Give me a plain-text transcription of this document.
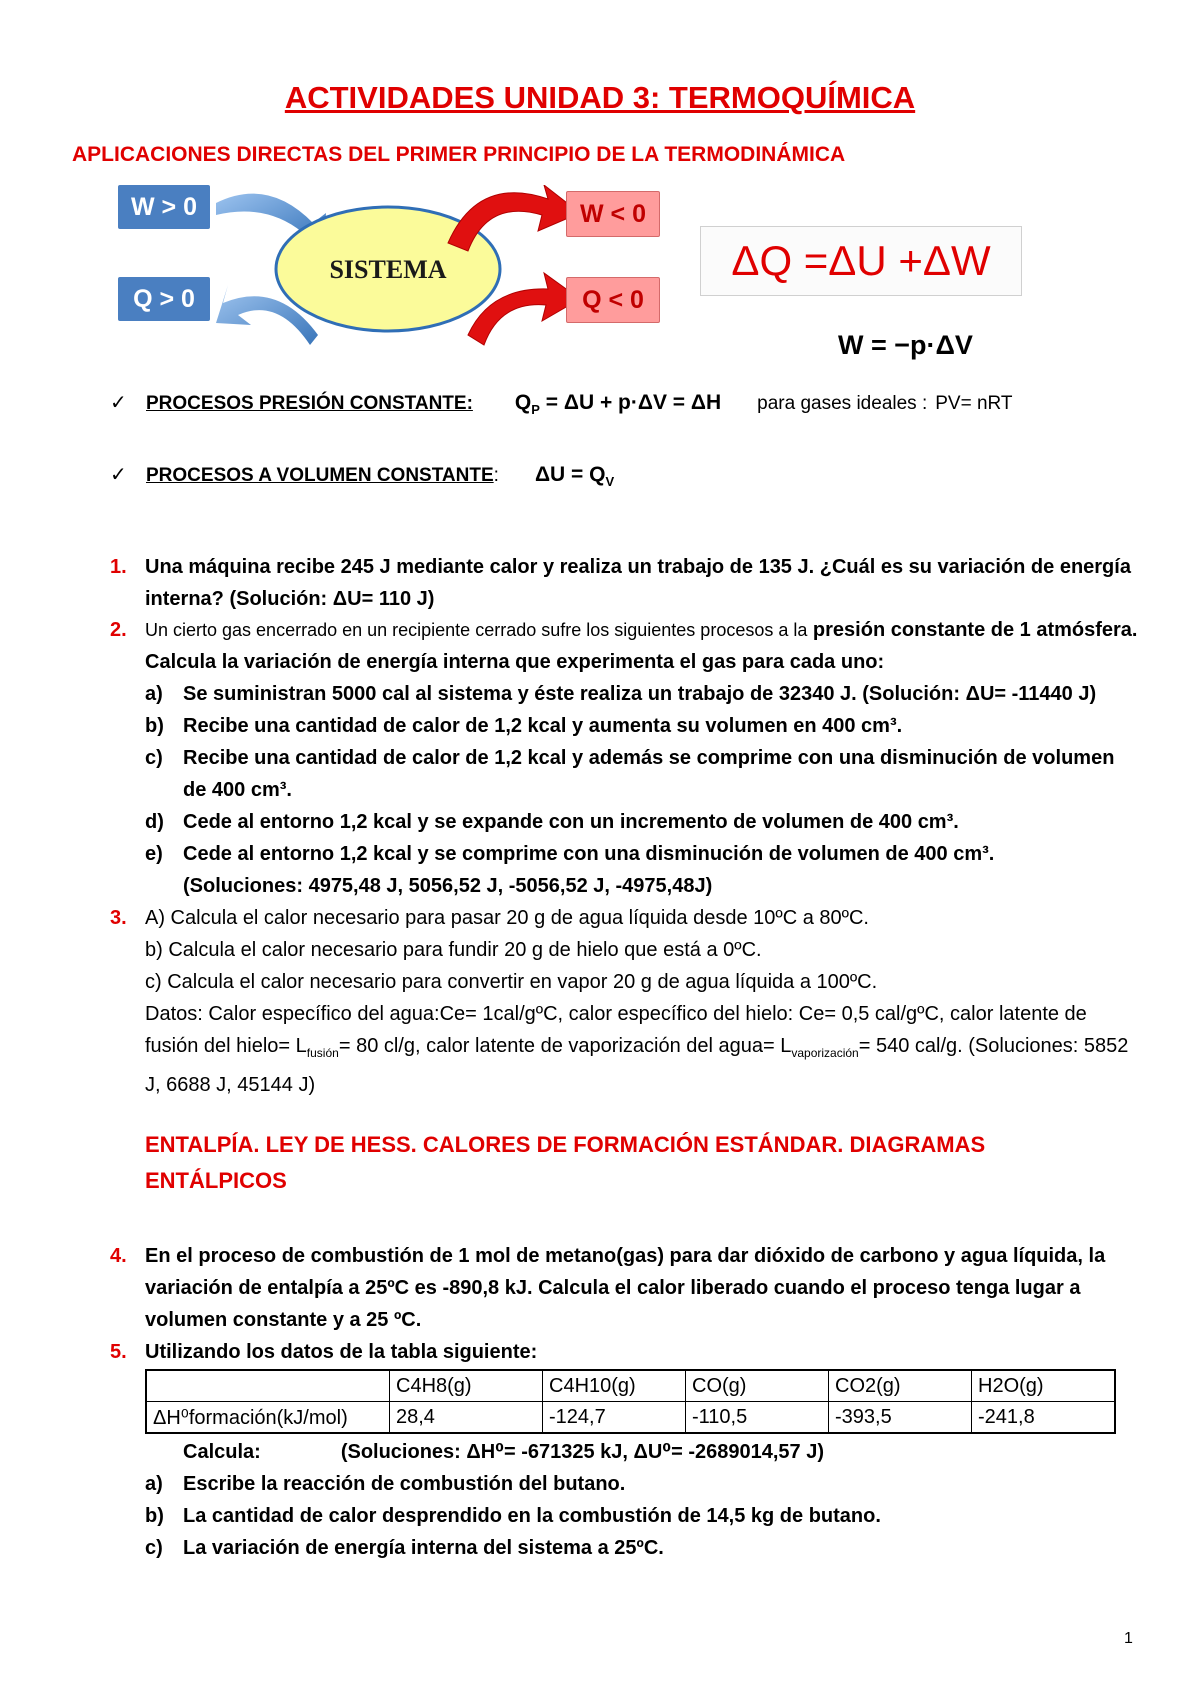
ACTIVIDADES UNIDAD 3: TERMOQUÍMICA
APLICACIONES DIRECTAS DEL PRIMER PRINCIPIO DE LA TERMODINÁMICA
W > 0
Q > 0
SISTEMA
W < 0
Q < 0
ΔQ =ΔU +ΔW
W = −p·ΔV
✓	PROCESOS PRESIÓN CONSTANTE: $Q_P = \Delta U + p\cdot\Delta V = \Delta H$ para gases ideales : PV= nRT
✓	PROCESOS A VOLUMEN CONSTANTE : $\Delta U = Q_V$
1. Una máquina recibe 245 J mediante calor y realiza un trabajo de 135 J. ¿Cuál es su variación de energía interna? (Solución: ΔU= 110 J)
2. Un cierto gas encerrado en un recipiente cerrado sufre los siguientes procesos a la presión constante de 1 atmósfera. Calcula la variación de energía interna que experimenta el gas para cada uno:
a) Se suministran 5000 cal al sistema y éste realiza un trabajo de 32340 J. (Solución: ΔU= -11440 J)
b) Recibe una cantidad de calor de 1,2 kcal y aumenta su volumen en 400 cm³.
c) Recibe una cantidad de calor de 1,2 kcal y además se comprime con una disminución de volumen de 400 cm³.
d) Cede al entorno 1,2 kcal y se expande con un incremento de volumen de 400 cm³.
e) Cede al entorno 1,2 kcal y se comprime con una disminución de volumen de 400 cm³.
(Soluciones: 4975,48 J, 5056,52 J, -5056,52 J, -4975,48J)
3. A) Calcula el calor necesario para pasar 20 g de agua líquida desde 10ºC a 80ºC.
b) Calcula el calor necesario para fundir 20 g de hielo que está a 0ºC.
c) Calcula el calor necesario para convertir en vapor 20 g de agua líquida a 100ºC.
Datos: Calor específico del agua:Ce= 1cal/gºC, calor específico del hielo: Ce= 0,5 cal/gºC, calor latente de fusión del hielo= $L_{fusión}= 80$ cl/g, calor latente de vaporización del agua= $L_{vaporización}= 540$ cal/g. (Soluciones: 5852 J, 6688 J, 45144 J)
ENTALPÍA. LEY DE HESS. CALORES DE FORMACIÓN ESTÁNDAR. DIAGRAMAS ENTÁLPICOS
4. En el proceso de combustión de 1 mol de metano(gas) para dar dióxido de carbono y agua líquida, la variación de entalpía a 25ºC es -890,8 kJ. Calcula el calor liberado cuando el proceso tenga lugar a volumen constante y a 25 ºC.
5. Utilizando los datos de la tabla siguiente:
	C4H8(g)	C4H10(g)	CO(g)	CO2(g)	H2O(g)
ΔH⁰formación(kJ/mol)	28,4	-124,7	-110,5	-393,5	-241,8
Calcula:	(Soluciones: ΔH⁰= -671325 kJ, ΔU⁰= -2689014,57 J)
a) Escribe la reacción de combustión del butano.
b) La cantidad de calor desprendido en la combustión de 14,5 kg de butano.
c) La variación de energía interna del sistema a 25ºC.
1
